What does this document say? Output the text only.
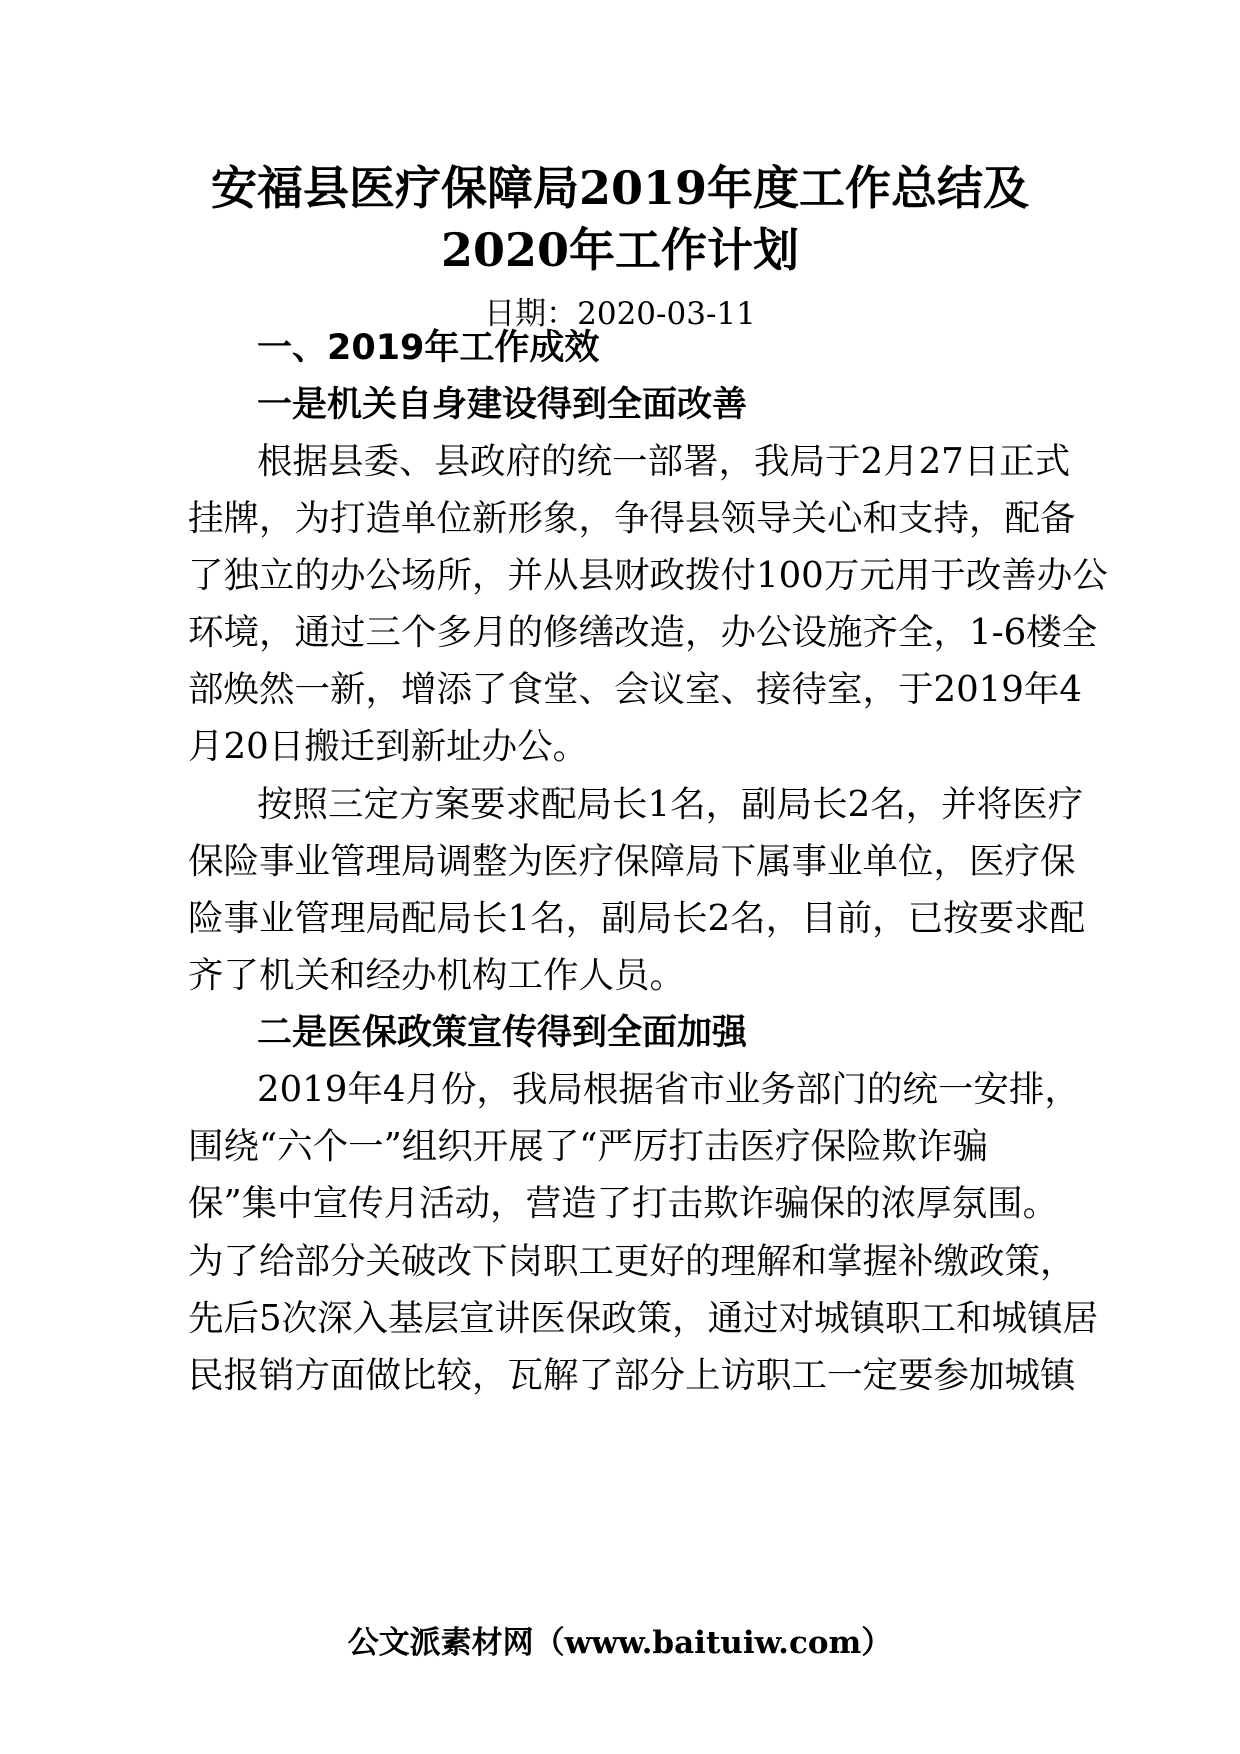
安福县医疗保障局2019年度工作总结及
2020年工作计划
日期：2020-03-11
一、2019年工作成效
一是机关自身建设得到全面改善
根据县委、县政府的统一部署，我局于2月27日正式
挂牌，为打造单位新形象，争得县领导关心和支持，配备
了独立的办公场所，并从县财政拨付100万元用于改善办公
环境，通过三个多月的修缮改造，办公设施齐全，1-6楼全
部焕然一新，增添了食堂、会议室、接待室，于2019年4
月20日搬迁到新址办公。
按照三定方案要求配局长1名，副局长2名，并将医疗
保险事业管理局调整为医疗保障局下属事业单位，医疗保
险事业管理局配局长1名，副局长2名，目前，已按要求配
齐了机关和经办机构工作人员。
二是医保政策宣传得到全面加强
2019年4月份，我局根据省市业务部门的统一安排，
围绕“六个一”组织开展了“严厉打击医疗保险欺诈骗
保”集中宣传月活动，营造了打击欺诈骗保的浓厚氛围。
为了给部分关破改下岗职工更好的理解和掌握补缴政策，
先后5次深入基层宣讲医保政策，通过对城镇职工和城镇居
民报销方面做比较，瓦解了部分上访职工一定要参加城镇
公文派素材网（www.baituiw.com）
